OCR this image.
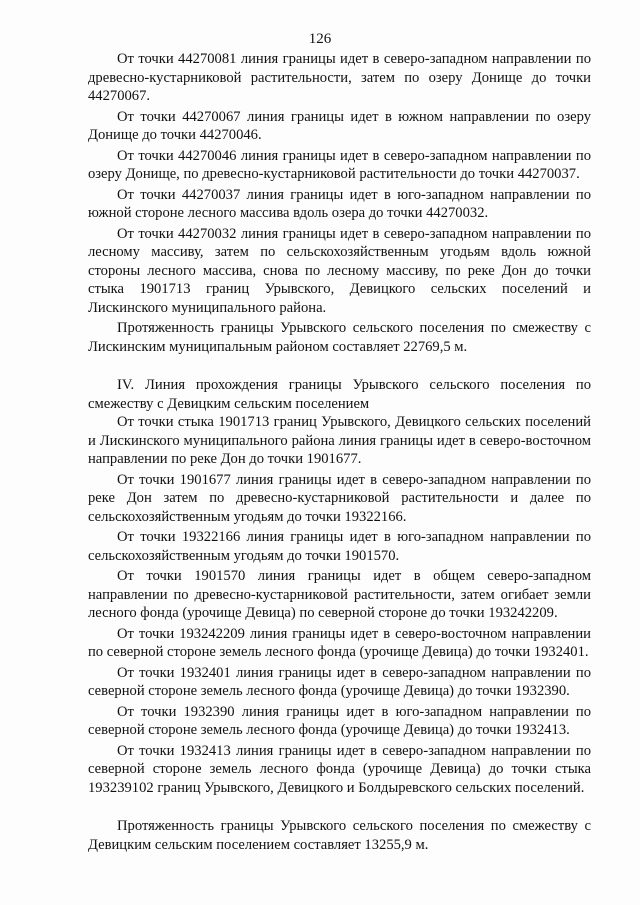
126

От точки 44270081 линия границы идет в северо-западном направлении по древесно-кустарниковой растительности, затем по озеру Донище до точки 44270067.

От точки 44270067 линия границы идет в южном направлении по озеру Донище до точки 44270046.

От точки 44270046 линия границы идет в северо-западном направлении по озеру Донище, по древесно-кустарниковой растительности до точки 44270037.

От точки 44270037 линия границы идет в юго-западном направлении по южной стороне лесного массива вдоль озера до точки 44270032.

От точки 44270032 линия границы идет в северо-западном направлении по лесному массиву, затем по сельскохозяйственным угодьям вдоль южной стороны лесного массива, снова по лесному массиву, по реке Дон до точки стыка 1901713 границ Урывского, Девицкого сельских поселений и Лискинского муниципального района.

Протяженность границы Урывского сельского поселения по смежеству с Лискинским муниципальным районом составляет 22769,5 м.

IV. Линия прохождения границы Урывского сельского поселения по смежеству с Девицким сельским поселением

От точки стыка 1901713 границ Урывского, Девицкого сельских поселений и Лискинского муниципального района линия границы идет в северо-восточном направлении по реке Дон до точки 1901677.

От точки 1901677 линия границы идет в северо-западном направлении по реке Дон затем по древесно-кустарниковой растительности и далее по сельскохозяйственным угодьям до точки 19322166.

От точки 19322166 линия границы идет в юго-западном направлении по сельскохозяйственным угодьям до точки 1901570.

От точки 1901570 линия границы идет в общем северо-западном направлении по древесно-кустарниковой растительности, затем огибает земли лесного фонда (урочище Девица) по северной стороне до точки 193242209.

От точки 193242209 линия границы идет в северо-восточном направлении по северной стороне земель лесного фонда (урочище Девица) до точки 1932401.

От точки 1932401 линия границы идет в северо-западном направлении по северной стороне земель лесного фонда (урочище Девица) до точки 1932390.

От точки 1932390 линия границы идет в юго-западном направлении по северной стороне земель лесного фонда (урочище Девица) до точки 1932413.

От точки 1932413 линия границы идет в северо-западном направлении по северной стороне земель лесного фонда (урочище Девица) до точки стыка 193239102 границ Урывского, Девицкого и Болдыревского сельских поселений.

Протяженность границы Урывского сельского поселения по смежеству с Девицким сельским поселением составляет 13255,9 м.
